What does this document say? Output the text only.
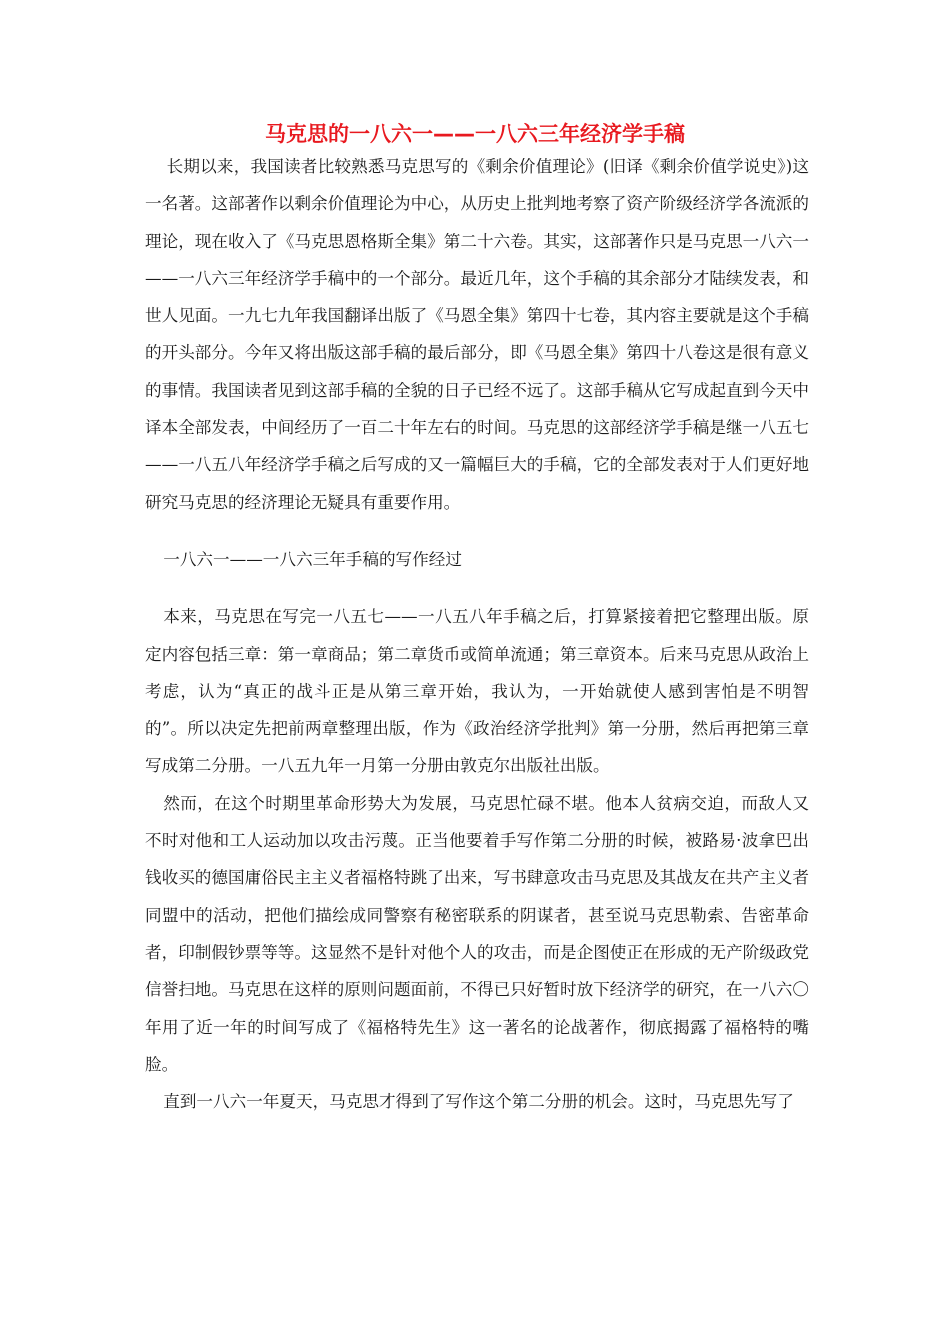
马克思的一八六一——一八六三年经济学手稿

长期以来，我国读者比较熟悉马克思写的《剩余价值理论》(旧译《剩余价值学说史》)这一名著。这部著作以剩余价值理论为中心，从历史上批判地考察了资产阶级经济学各流派的理论，现在收入了《马克思恩格斯全集》第二十六卷。其实，这部著作只是马克思一八六一——一八六三年经济学手稿中的一个部分。最近几年，这个手稿的其余部分才陆续发表，和世人见面。一九七九年我国翻译出版了《马恩全集》第四十七卷，其内容主要就是这个手稿的开头部分。今年又将出版这部手稿的最后部分，即《马恩全集》第四十八卷这是很有意义的事情。我国读者见到这部手稿的全貌的日子已经不远了。这部手稿从它写成起直到今天中译本全部发表，中间经历了一百二十年左右的时间。马克思的这部经济学手稿是继一八五七——一八五八年经济学手稿之后写成的又一篇幅巨大的手稿，它的全部发表对于人们更好地研究马克思的经济理论无疑具有重要作用。

一八六一——一八六三年手稿的写作经过

本来，马克思在写完一八五七——一八五八年手稿之后，打算紧接着把它整理出版。原定内容包括三章：第一章商品；第二章货币或简单流通；第三章资本。后来马克思从政治上考虑，认为“真正的战斗正是从第三章开始，我认为，一开始就使人感到害怕是不明智的”。所以决定先把前两章整理出版，作为《政治经济学批判》第一分册，然后再把第三章写成第二分册。一八五九年一月第一分册由敦克尔出版社出版。

然而，在这个时期里革命形势大为发展，马克思忙碌不堪。他本人贫病交迫，而敌人又不时对他和工人运动加以攻击污蔑。正当他要着手写作第二分册的时候，被路易·波拿巴出钱收买的德国庸俗民主主义者福格特跳了出来，写书肆意攻击马克思及其战友在共产主义者同盟中的活动，把他们描绘成同警察有秘密联系的阴谋者，甚至说马克思勒索、告密革命者，印制假钞票等等。这显然不是针对他个人的攻击，而是企图使正在形成的无产阶级政党信誉扫地。马克思在这样的原则问题面前，不得已只好暂时放下经济学的研究，在一八六〇年用了近一年的时间写成了《福格特先生》这一著名的论战著作，彻底揭露了福格特的嘴脸。

直到一八六一年夏天，马克思才得到了写作这个第二分册的机会。这时，马克思先写了
